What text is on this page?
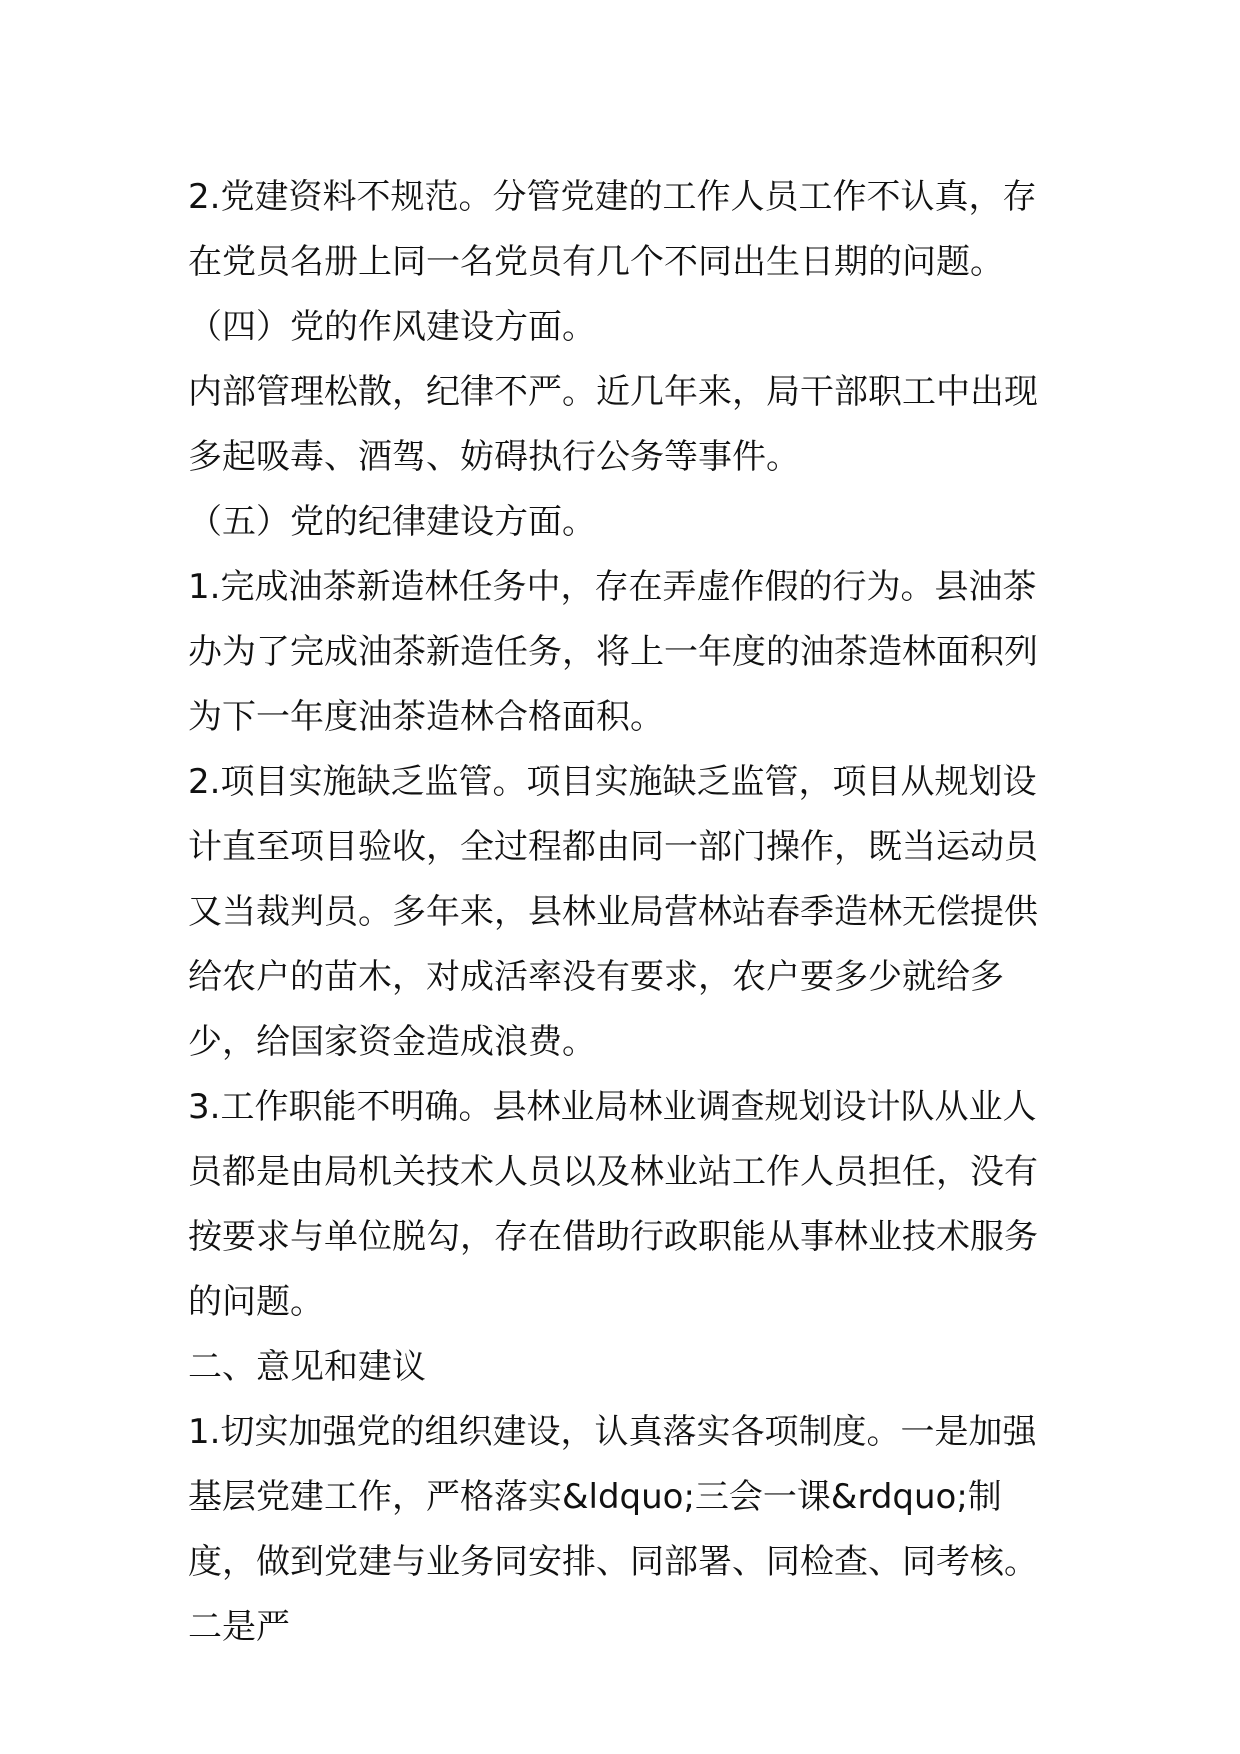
2.党建资料不规范。分管党建的工作人员工作不认真，存在党员名册上同一名党员有几个不同出生日期的问题。

（四）党的作风建设方面。

内部管理松散，纪律不严。近几年来，局干部职工中出现多起吸毒、酒驾、妨碍执行公务等事件。

（五）党的纪律建设方面。

1.完成油茶新造林任务中，存在弄虚作假的行为。县油茶办为了完成油茶新造任务，将上一年度的油茶造林面积列为下一年度油茶造林合格面积。

2.项目实施缺乏监管。项目实施缺乏监管，项目从规划设计直至项目验收，全过程都由同一部门操作，既当运动员又当裁判员。多年来，县林业局营林站春季造林无偿提供给农户的苗木，对成活率没有要求，农户要多少就给多少，给国家资金造成浪费。

3.工作职能不明确。县林业局林业调查规划设计队从业人员都是由局机关技术人员以及林业站工作人员担任，没有按要求与单位脱勾，存在借助行政职能从事林业技术服务的问题。

二、意见和建议

1.切实加强党的组织建设，认真落实各项制度。一是加强基层党建工作，严格落实&ldquo;三会一课&rdquo;制度，做到党建与业务同安排、同部署、同检查、同考核。二是严
